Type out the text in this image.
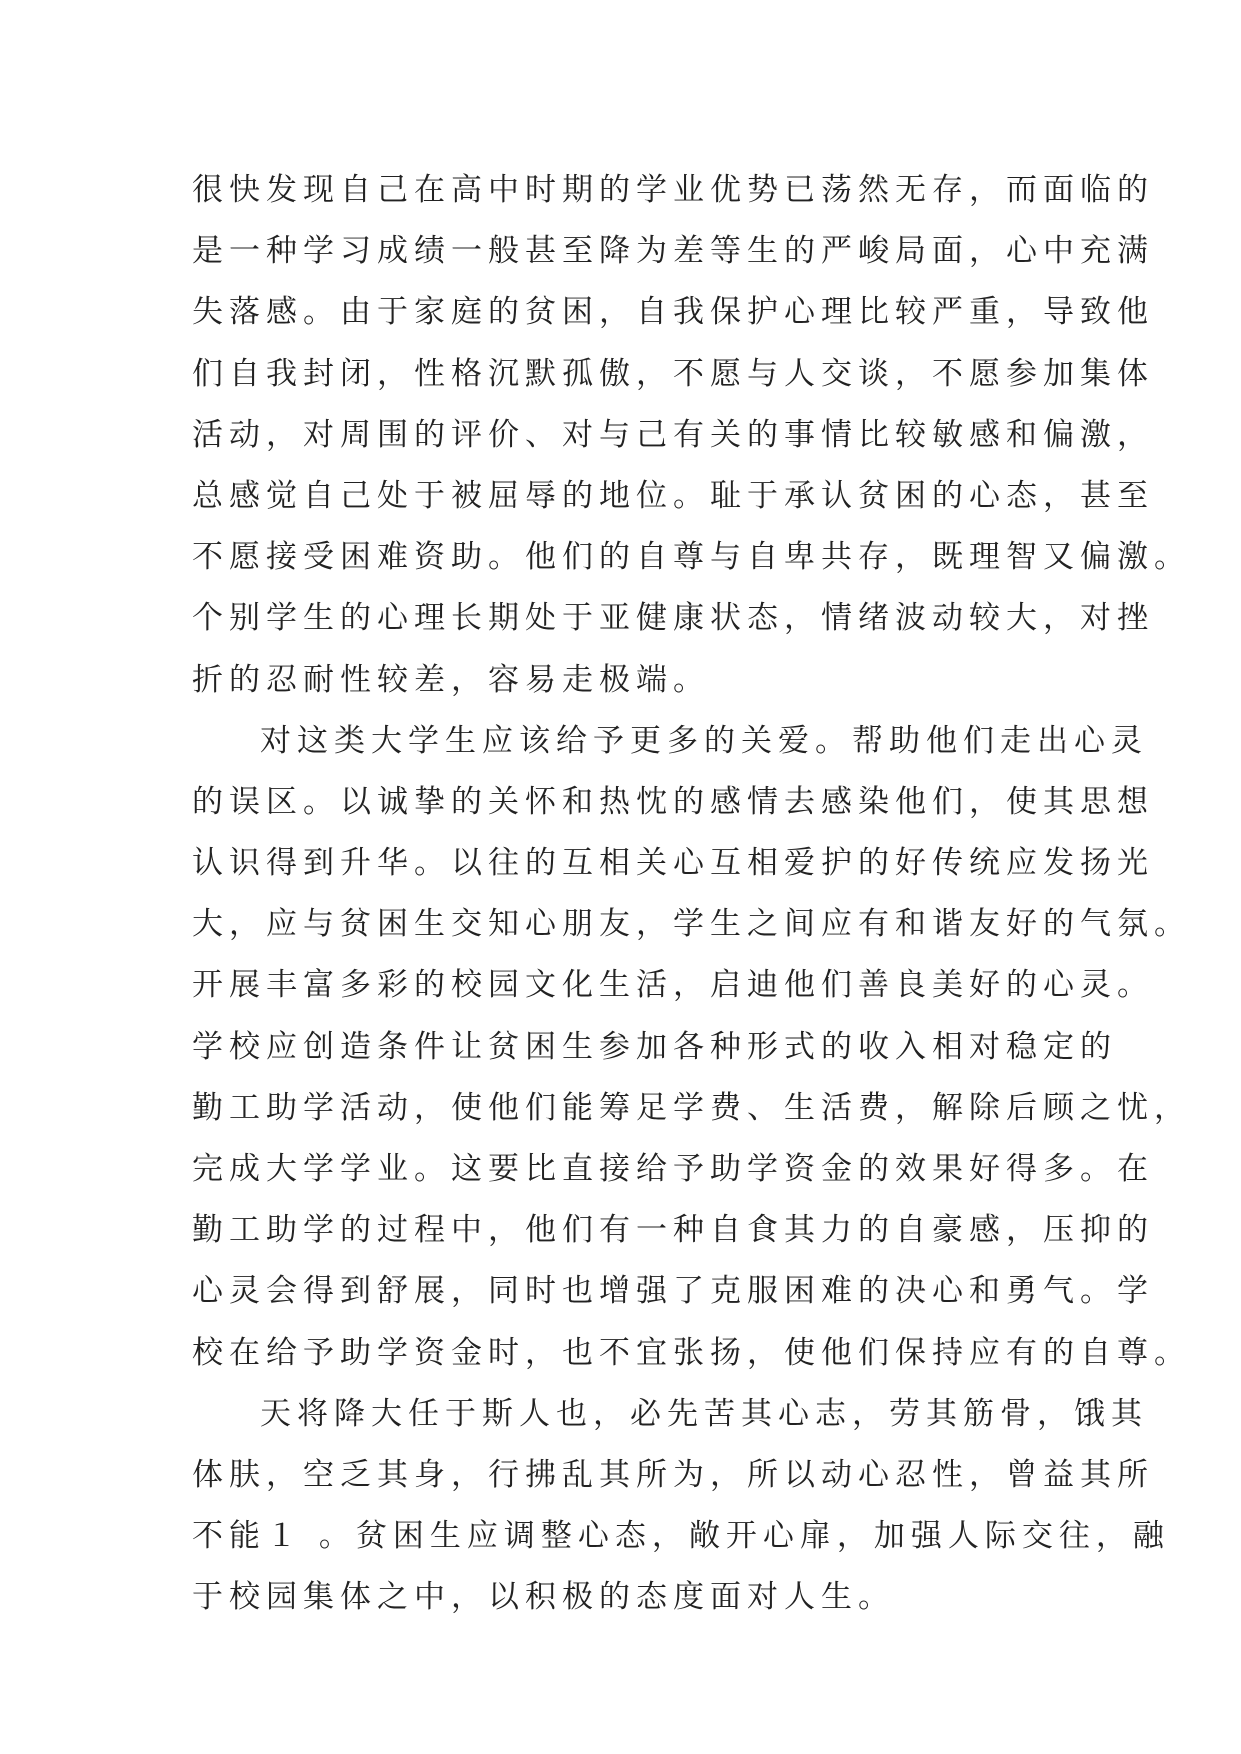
很快发现自己在高中时期的学业优势已荡然无存，而面临的
是一种学习成绩一般甚至降为差等生的严峻局面，心中充满
失落感。由于家庭的贫困，自我保护心理比较严重，导致他
们自我封闭，性格沉默孤傲，不愿与人交谈，不愿参加集体
活动，对周围的评价、对与己有关的事情比较敏感和偏激，
总感觉自己处于被屈辱的地位。耻于承认贫困的心态，甚至
不愿接受困难资助。他们的自尊与自卑共存，既理智又偏激。
个别学生的心理长期处于亚健康状态，情绪波动较大，对挫
折的忍耐性较差，容易走极端。
对这类大学生应该给予更多的关爱。帮助他们走出心灵
的误区。以诚挚的关怀和热忱的感情去感染他们，使其思想
认识得到升华。以往的互相关心互相爱护的好传统应发扬光
大，应与贫困生交知心朋友，学生之间应有和谐友好的气氛。
开展丰富多彩的校园文化生活，启迪他们善良美好的心灵。
学校应创造条件让贫困生参加各种形式的收入相对稳定的
勤工助学活动，使他们能筹足学费、生活费，解除后顾之忧，
完成大学学业。这要比直接给予助学资金的效果好得多。在
勤工助学的过程中，他们有一种自食其力的自豪感，压抑的
心灵会得到舒展，同时也增强了克服困难的决心和勇气。学
校在给予助学资金时，也不宜张扬，使他们保持应有的自尊。
天将降大任于斯人也，必先苦其心志，劳其筋骨，饿其
体肤，空乏其身，行拂乱其所为，所以动心忍性，曾益其所
不能１ 。贫困生应调整心态，敞开心扉，加强人际交往，融
于校园集体之中，以积极的态度面对人生。
